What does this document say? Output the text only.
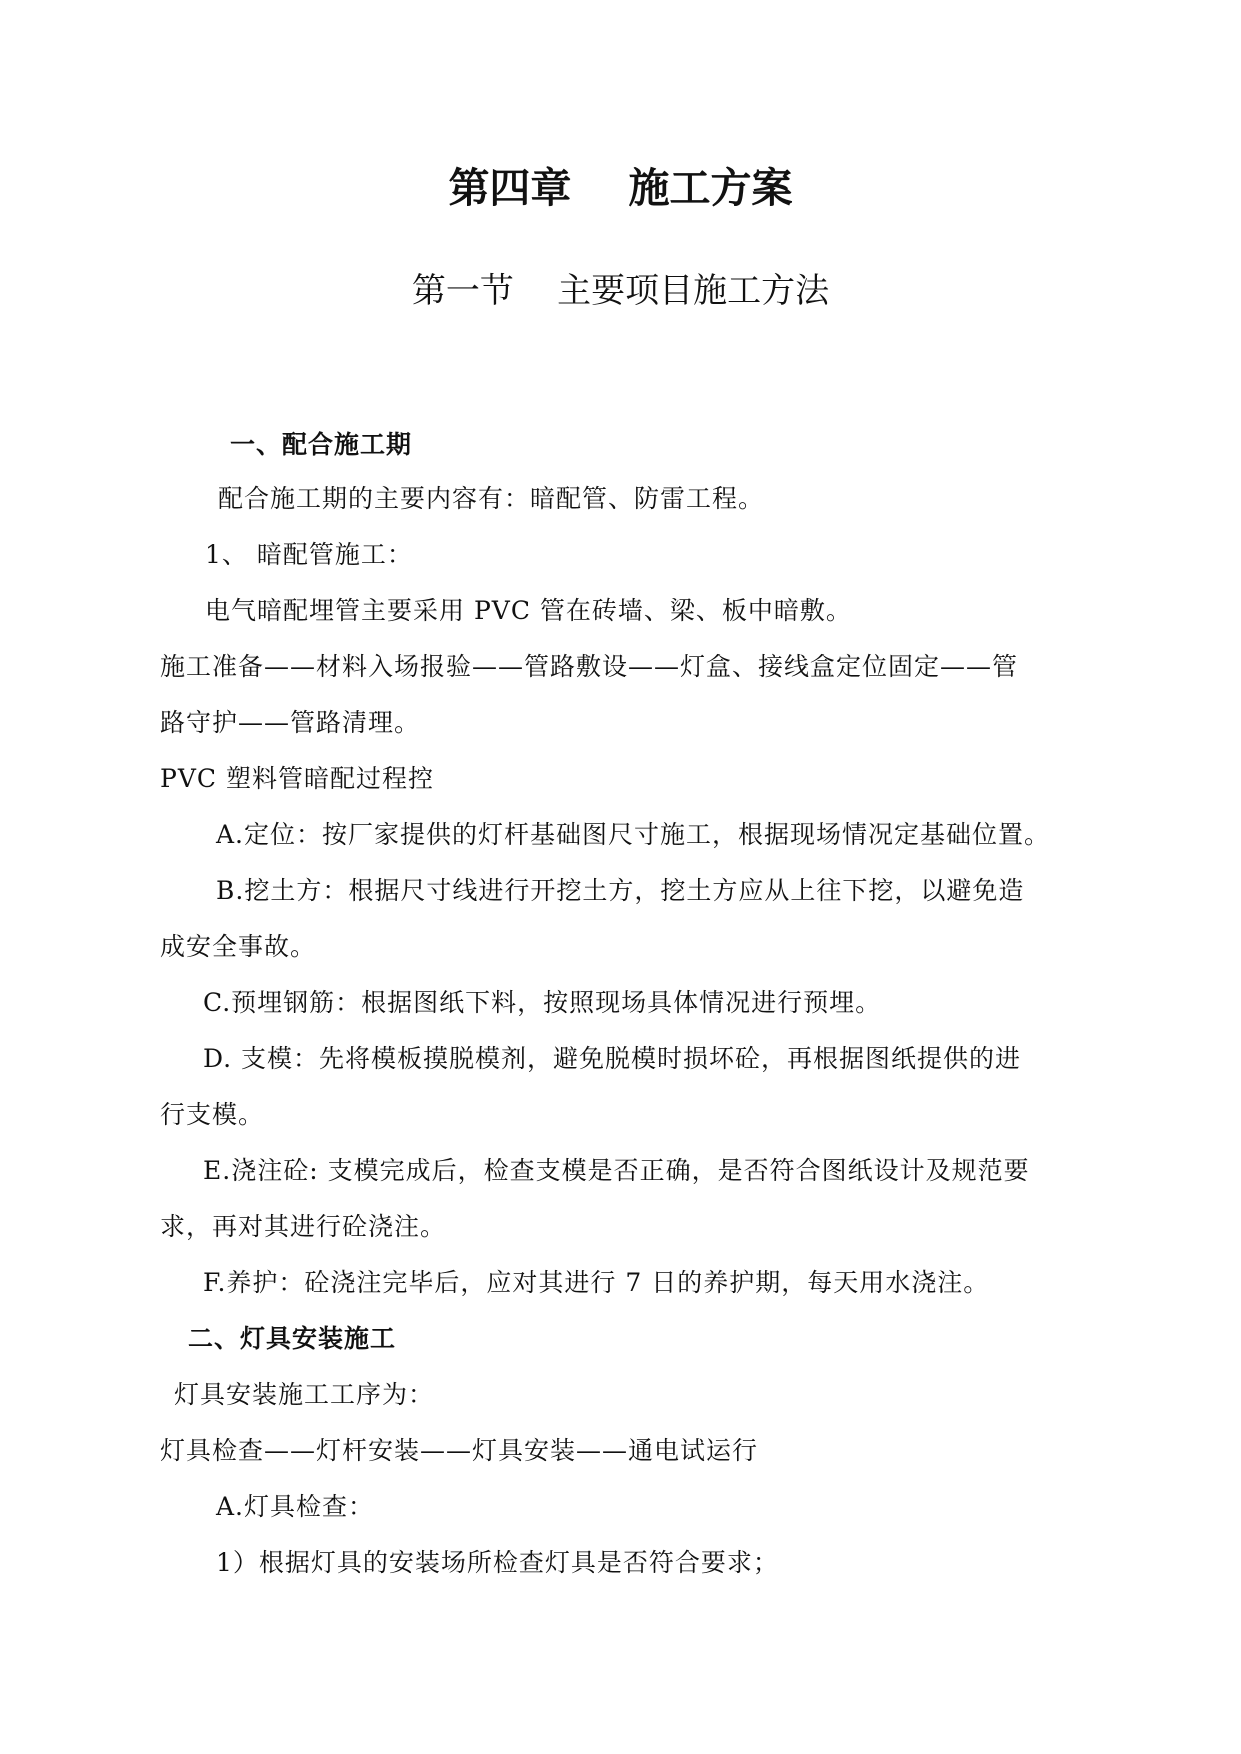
第四章    施工方案
第一节    主要项目施工方法
一、配合施工期
配合施工期的主要内容有：暗配管、防雷工程。
1、 暗配管施工：
电气暗配埋管主要采用 PVC 管在砖墙、梁、板中暗敷。
施工准备——材料入场报验——管路敷设——灯盒、接线盒定位固定——管
路守护——管路清理。
PVC 塑料管暗配过程控
A.定位：按厂家提供的灯杆基础图尺寸施工，根据现场情况定基础位置。
B.挖土方：根据尺寸线进行开挖土方，挖土方应从上往下挖，以避免造
成安全事故。
C.预埋钢筋：根据图纸下料，按照现场具体情况进行预埋。
D. 支模：先将模板摸脱模剂，避免脱模时损坏砼，再根据图纸提供的进
行支模。
E.浇注砼: 支模完成后，检查支模是否正确，是否符合图纸设计及规范要
求，再对其进行砼浇注。
F.养护：砼浇注完毕后，应对其进行 7 日的养护期，每天用水浇注。
二、灯具安装施工
灯具安装施工工序为：
灯具检查——灯杆安装——灯具安装——通电试运行
A.灯具检查：
1）根据灯具的安装场所检查灯具是否符合要求；
